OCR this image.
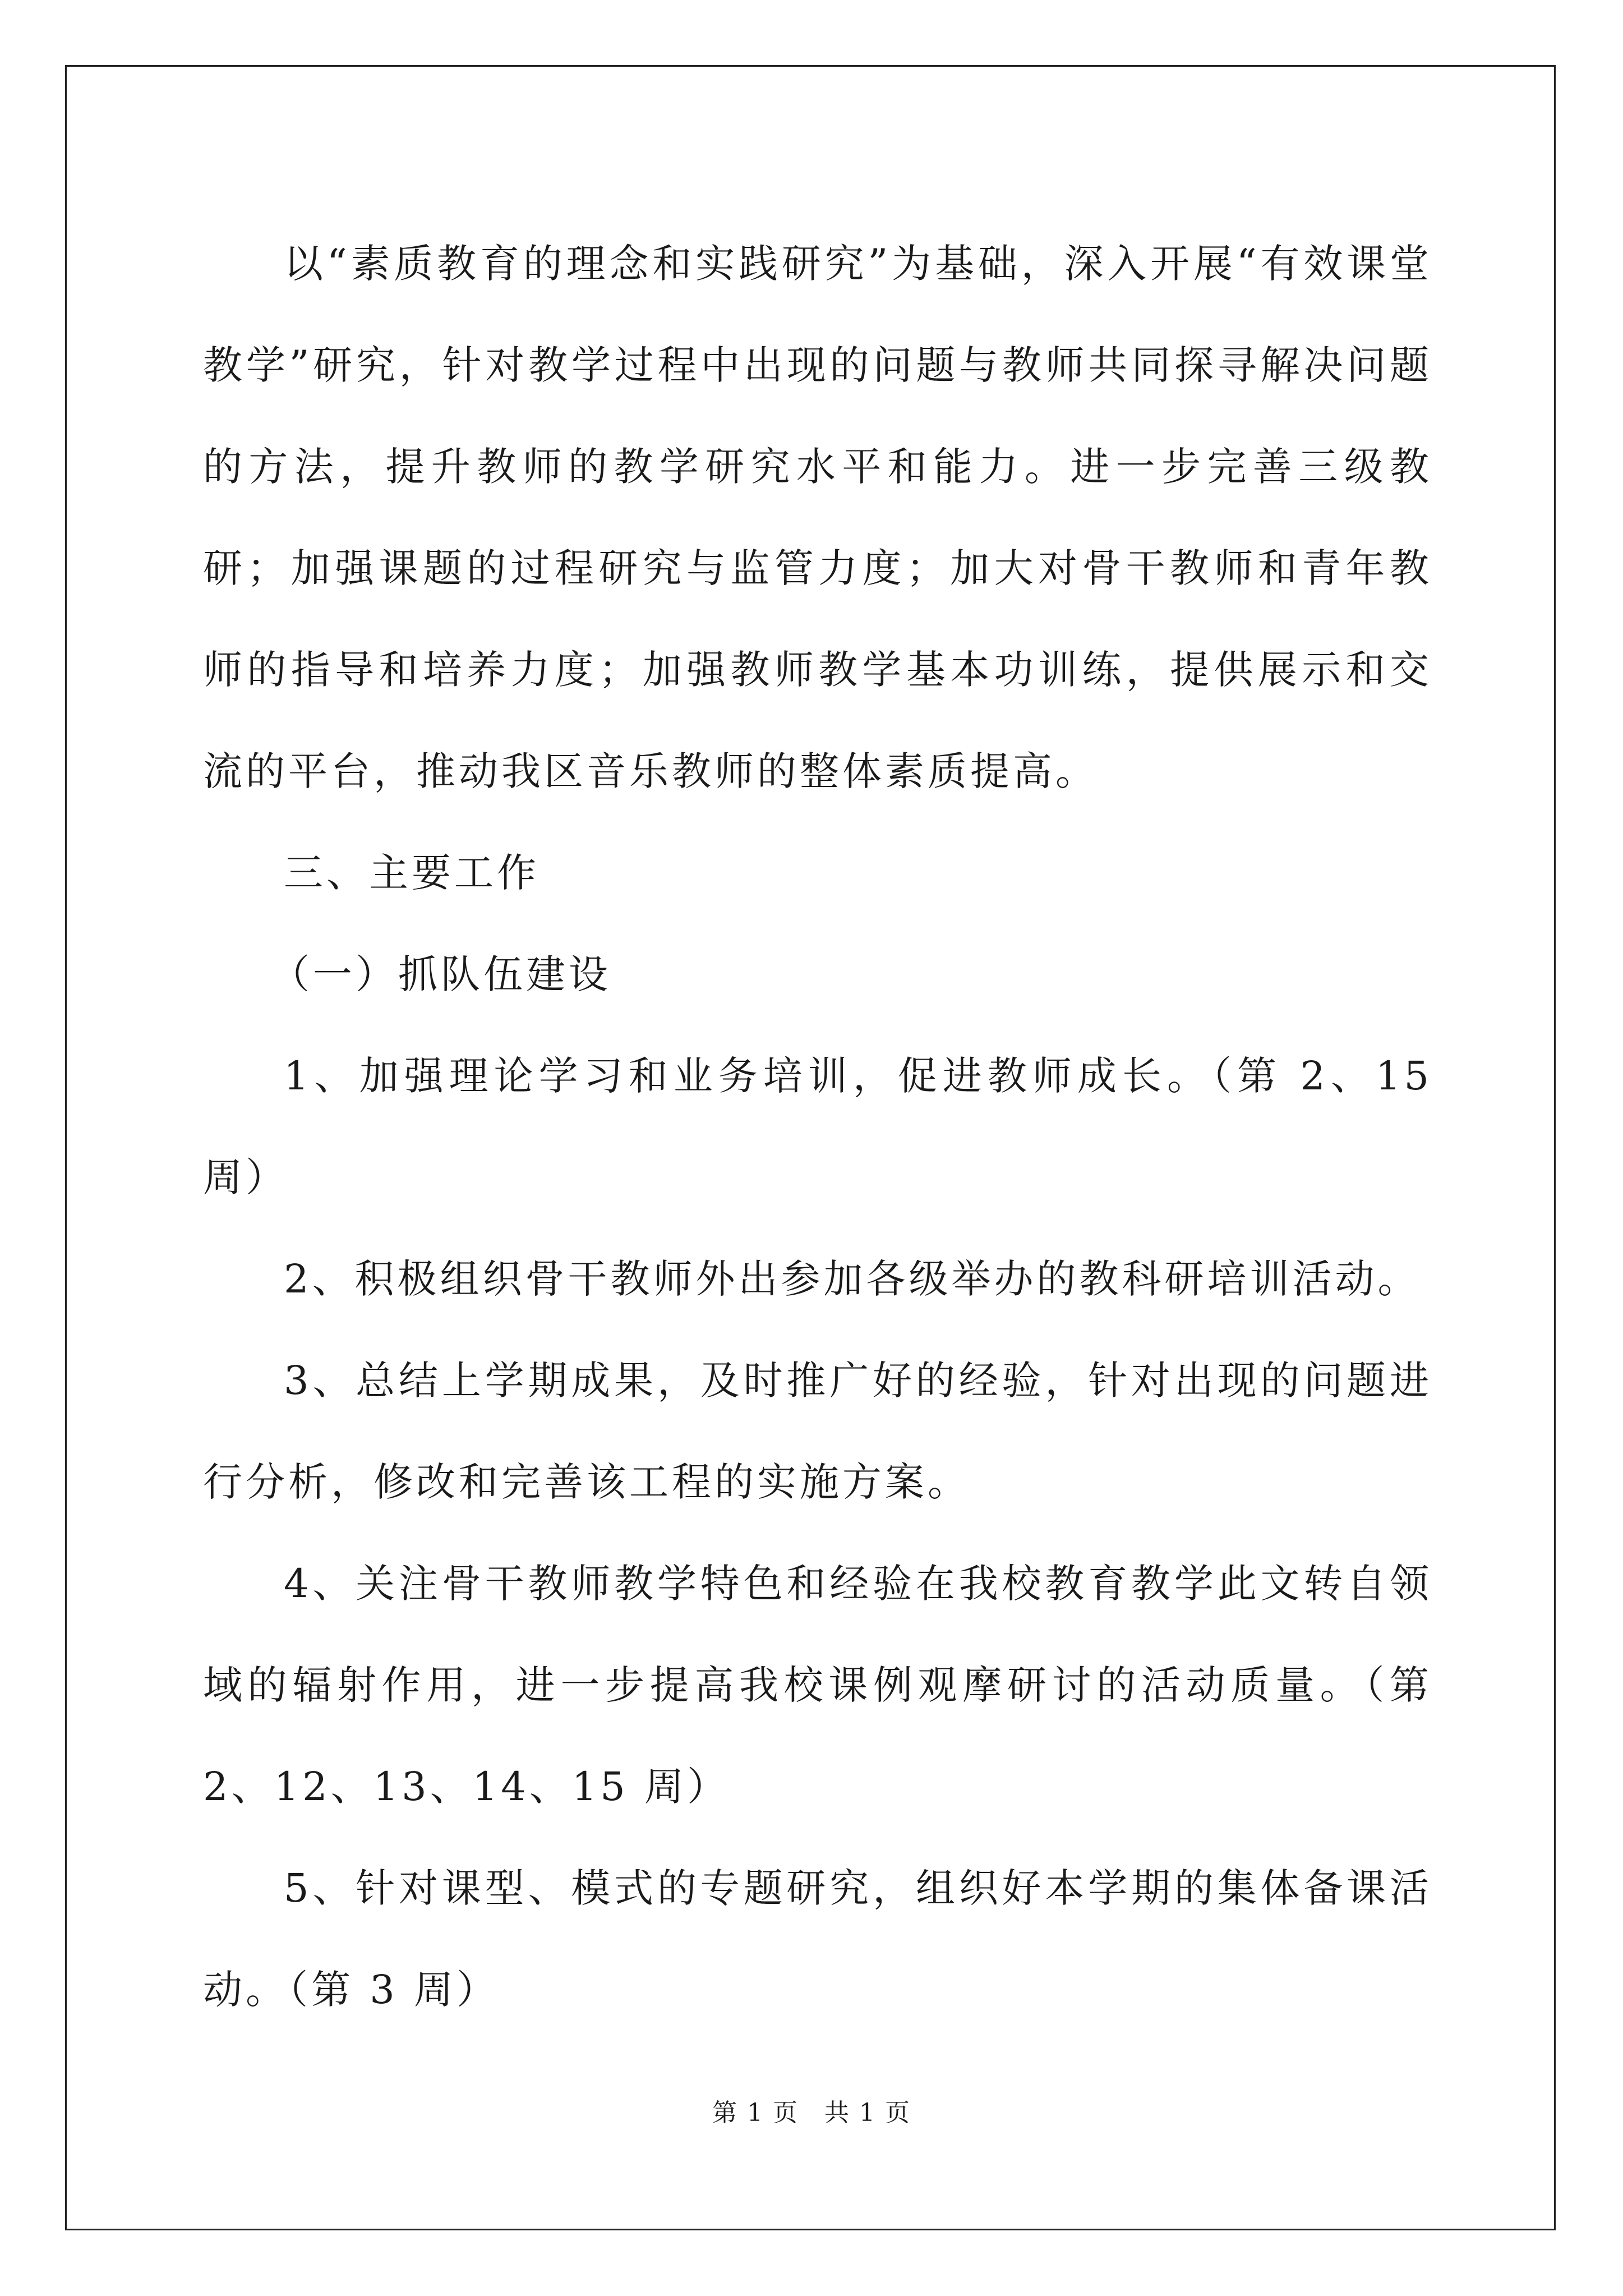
以“素质教育的理念和实践研究”为基础，深入开展“有效课堂教学”研究，针对教学过程中出现的问题与教师共同探寻解决问题的方法，提升教师的教学研究水平和能力。进一步完善三级教研；加强课题的过程研究与监管力度；加大对骨干教师和青年教师的指导和培养力度；加强教师教学基本功训练，提供展示和交流的平台，推动我区音乐教师的整体素质提高。

三、主要工作

（一）抓队伍建设

1、加强理论学习和业务培训，促进教师成长。（第 2、15 周）

2、积极组织骨干教师外出参加各级举办的教科研培训活动。

3、总结上学期成果，及时推广好的经验，针对出现的问题进行分析，修改和完善该工程的实施方案。

4、关注骨干教师教学特色和经验在我校教育教学此文转自领域的辐射作用，进一步提高我校课例观摩研讨的活动质量。（第 2、12、13、14、15 周）

5、针对课型、模式的专题研究，组织好本学期的集体备课活动。（第 3 周）

第 1 页 共 1 页
